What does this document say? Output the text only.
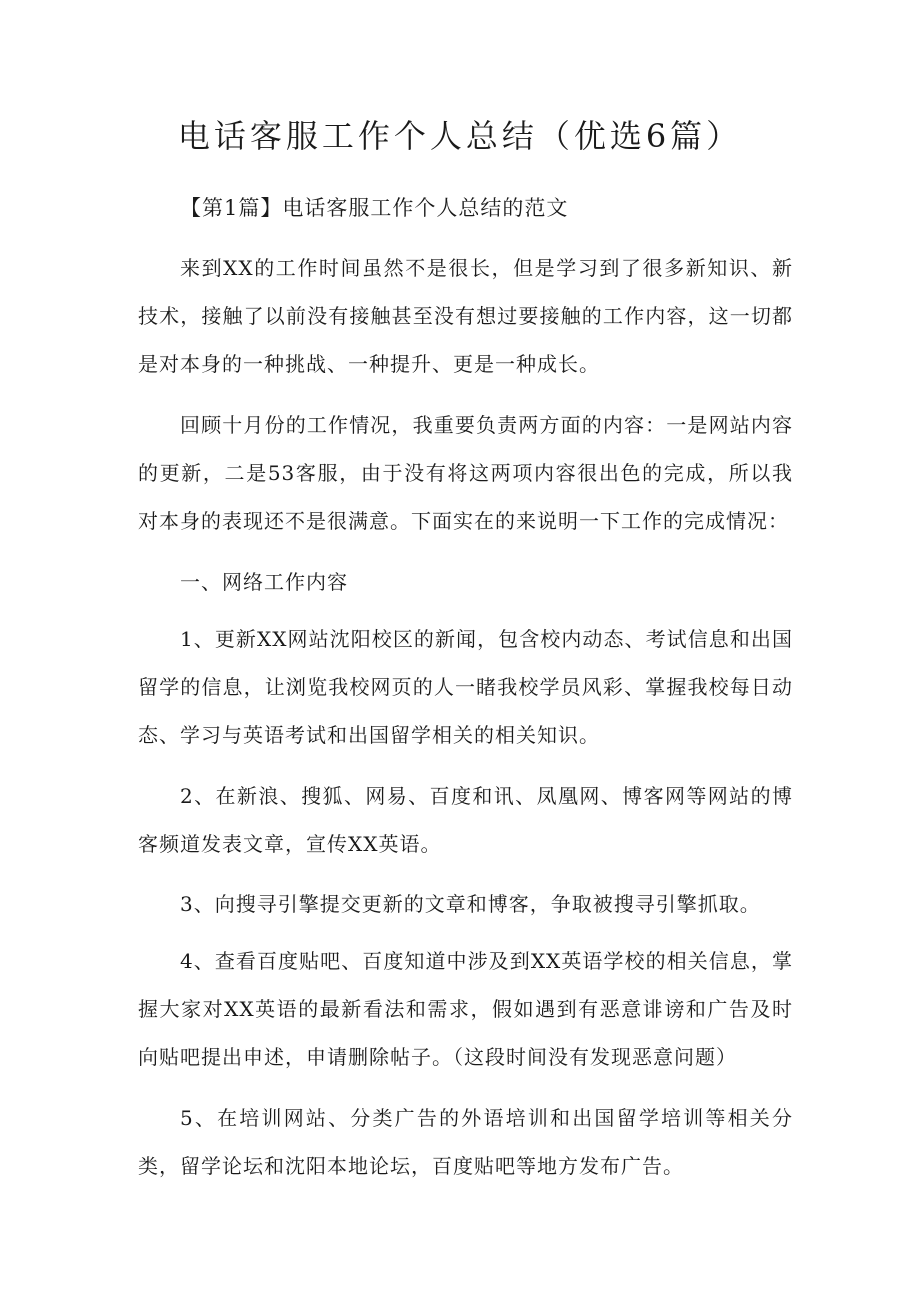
电话客服工作个人总结（优选6篇）

【第1篇】电话客服工作个人总结的范文

来到XX的工作时间虽然不是很长，但是学习到了很多新知识、新技术，接触了以前没有接触甚至没有想过要接触的工作内容，这一切都是对本身的一种挑战、一种提升、更是一种成长。

回顾十月份的工作情况，我重要负责两方面的内容：一是网站内容的更新，二是53客服，由于没有将这两项内容很出色的完成，所以我对本身的表现还不是很满意。下面实在的来说明一下工作的完成情况：

一、网络工作内容

1、更新XX网站沈阳校区的新闻，包含校内动态、考试信息和出国留学的信息，让浏览我校网页的人一睹我校学员风彩、掌握我校每日动态、学习与英语考试和出国留学相关的相关知识。

2、在新浪、搜狐、网易、百度和讯、凤凰网、博客网等网站的博客频道发表文章，宣传XX英语。

3、向搜寻引擎提交更新的文章和博客，争取被搜寻引擎抓取。

4、查看百度贴吧、百度知道中涉及到XX英语学校的相关信息，掌握大家对XX英语的最新看法和需求，假如遇到有恶意诽谤和广告及时向贴吧提出申述，申请删除帖子。（这段时间没有发现恶意问题）

5、在培训网站、分类广告的外语培训和出国留学培训等相关分类，留学论坛和沈阳本地论坛，百度贴吧等地方发布广告。
